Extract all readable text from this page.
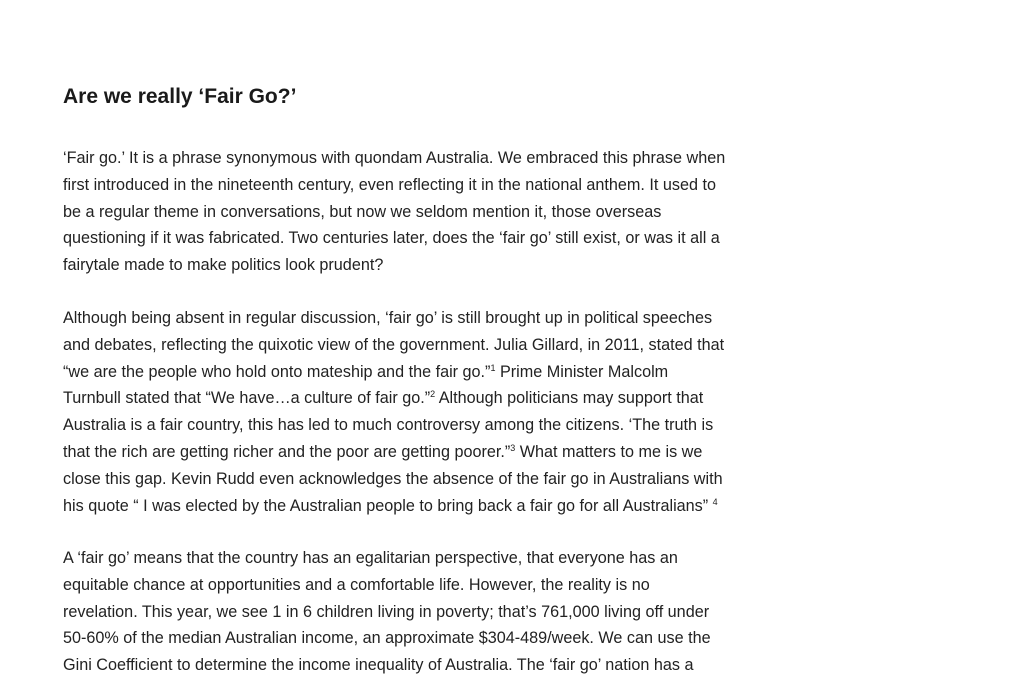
Are we really ‘Fair Go?’
‘Fair go.’ It is a phrase synonymous with quondam Australia. We embraced this phrase when
first introduced in the nineteenth century, even reflecting it in the national anthem. It used to
be a regular theme in conversations, but now we seldom mention it, those overseas
questioning if it was fabricated. Two centuries later, does the ‘fair go’ still exist, or was it all a
fairytale made to make politics look prudent?
Although being absent in regular discussion, ‘fair go’ is still brought up in political speeches
and debates, reflecting the quixotic view of the government. Julia Gillard, in 2011, stated that
“we are the people who hold onto mateship and the fair go.”$^1$ Prime Minister Malcolm
Turnbull stated that “We have…a culture of fair go.”$^2$ Although politicians may support that
Australia is a fair country, this has led to much controversy among the citizens. ‘The truth is
that the rich are getting richer and the poor are getting poorer.”$^3$ What matters to me is we
close this gap. Kevin Rudd even acknowledges the absence of the fair go in Australians with
his quote “ I was elected by the Australian people to bring back a fair go for all Australians” $^4$
A ‘fair go’ means that the country has an egalitarian perspective, that everyone has an
equitable chance at opportunities and a comfortable life. However, the reality is no
revelation. This year, we see 1 in 6 children living in poverty; that’s 761,000 living off under
50-60% of the median Australian income, an approximate $304-489/week. We can use the
Gini Coefficient to determine the income inequality of Australia. The ‘fair go’ nation has a
